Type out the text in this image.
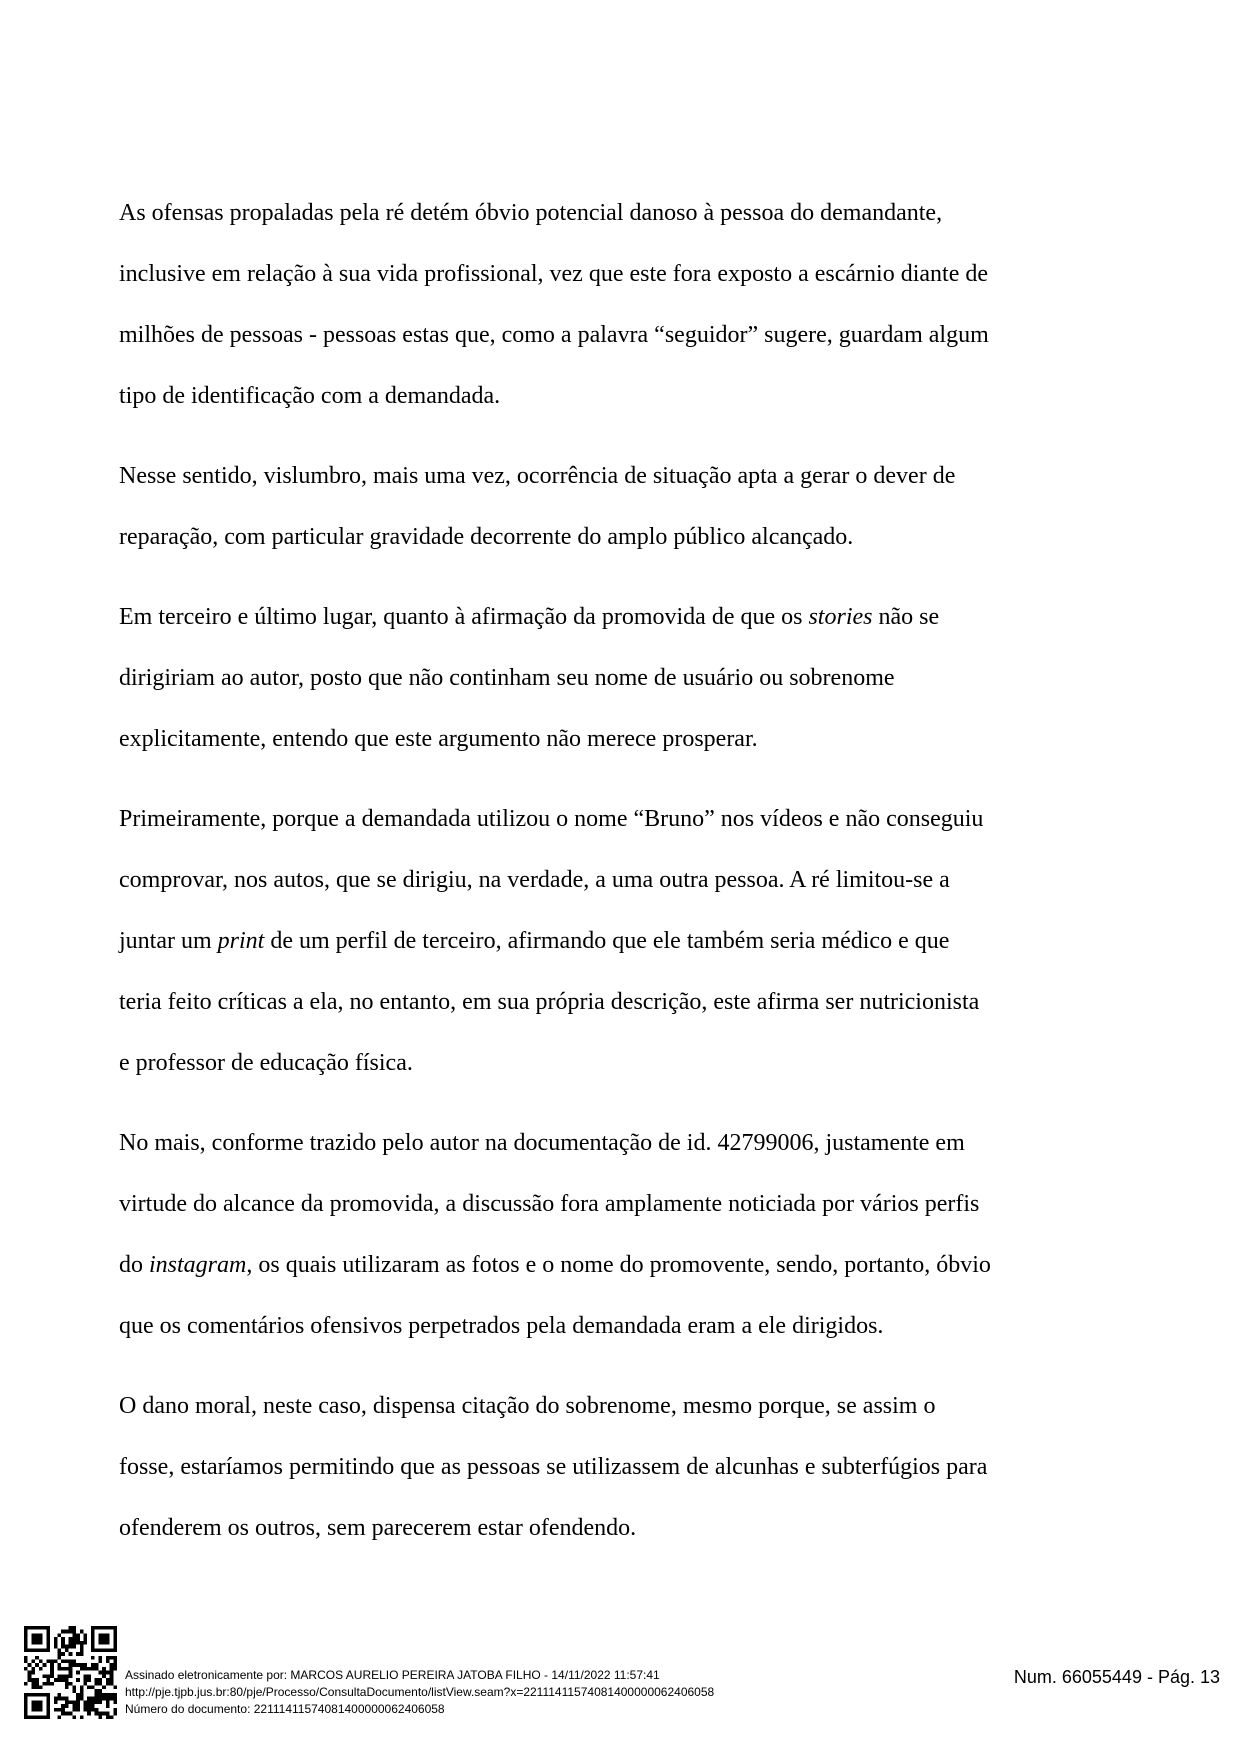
As ofensas propaladas pela ré detém óbvio potencial danoso à pessoa do demandante,
inclusive em relação à sua vida profissional, vez que este fora exposto a escárnio diante de
milhões de pessoas - pessoas estas que, como a palavra “seguidor” sugere, guardam algum
tipo de identificação com a demandada.

Nesse sentido, vislumbro, mais uma vez, ocorrência de situação apta a gerar o dever de
reparação, com particular gravidade decorrente do amplo público alcançado.

Em terceiro e último lugar, quanto à afirmação da promovida de que os stories não se
dirigiriam ao autor, posto que não continham seu nome de usuário ou sobrenome
explicitamente, entendo que este argumento não merece prosperar.

Primeiramente, porque a demandada utilizou o nome “Bruno” nos vídeos e não conseguiu
comprovar, nos autos, que se dirigiu, na verdade, a uma outra pessoa. A ré limitou-se a
juntar um print de um perfil de terceiro, afirmando que ele também seria médico e que
teria feito críticas a ela, no entanto, em sua própria descrição, este afirma ser nutricionista
e professor de educação física.

No mais, conforme trazido pelo autor na documentação de id. 42799006, justamente em
virtude do alcance da promovida, a discussão fora amplamente noticiada por vários perfis
do instagram, os quais utilizaram as fotos e o nome do promovente, sendo, portanto, óbvio
que os comentários ofensivos perpetrados pela demandada eram a ele dirigidos.

O dano moral, neste caso, dispensa citação do sobrenome, mesmo porque, se assim o
fosse, estaríamos permitindo que as pessoas se utilizassem de alcunhas e subterfúgios para
ofenderem os outros, sem parecerem estar ofendendo.

Assinado eletronicamente por: MARCOS AURELIO PEREIRA JATOBA FILHO - 14/11/2022 11:57:41
http://pje.tjpb.jus.br:80/pje/Processo/ConsultaDocumento/listView.seam?x=22111411574081400000062406058
Número do documento: 22111411574081400000062406058
Num. 66055449 - Pág. 13
